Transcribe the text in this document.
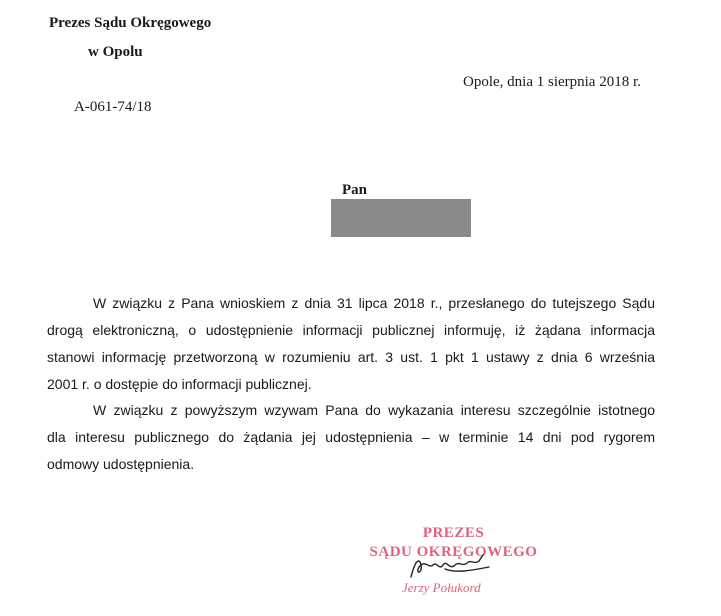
Prezes Sądu Okręgowego
w Opolu
Opole, dnia 1 sierpnia 2018 r.
A-061-74/18
Pan
W związku z Pana wnioskiem z dnia 31 lipca 2018 r., przesłanego do tutejszego Sądu
drogą elektroniczną, o udostępnienie informacji publicznej informuję, iż żądana informacja
stanowi informację przetworzoną w rozumieniu art. 3 ust. 1 pkt 1 ustawy z dnia 6 września
2001 r. o dostępie do informacji publicznej.
W związku z powyższym wzywam Pana do wykazania interesu szczególnie istotnego
dla interesu publicznego do żądania jej udostępnienia – w terminie 14 dni pod rygorem
odmowy udostępnienia.
PREZES
SĄDU OKRĘGOWEGO
Jerzy Połukord
